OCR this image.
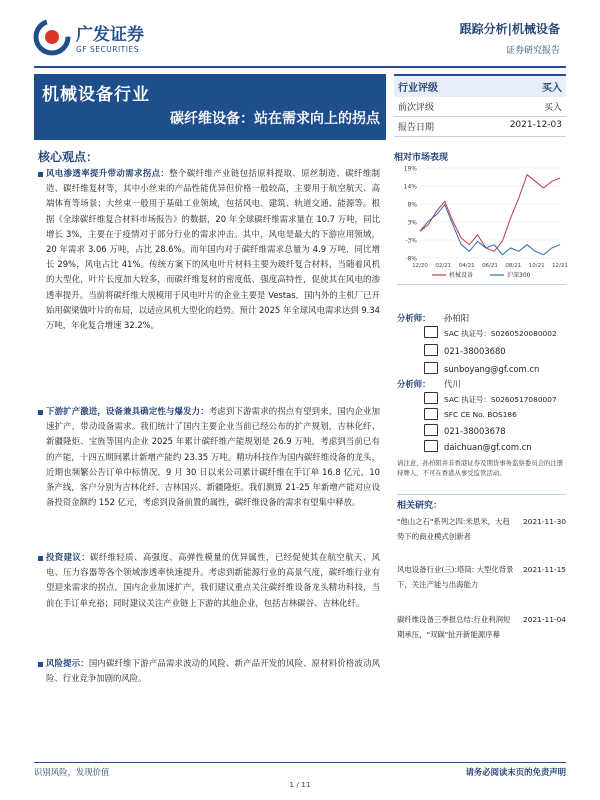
广发证券
GF SECURITIES
跟踪分析|机械设备
证券研究报告
机械设备行业
碳纤维设备：站在需求向上的拐点
行业评级	买入
前次评级	买入
报告日期	2021-12-03
核心观点：
风电渗透率提升带动需求拐点：整个碳纤维产业链包括原料提取、原丝制造、碳纤维制造、碳纤维复材等，其中小丝束的产品性能优异但价格一般较高，主要用于航空航天、高端体育等场景；大丝束一般用于基础工业领域，包括风电、建筑、轨道交通、能源等。根据《全球碳纤维复合材料市场报告》的数据，20 年全球碳纤维需求量在 10.7 万吨，同比增长 3%，主要在于疫情对于部分行业的需求冲击。其中，风电是最大的下游应用领域，20 年需求 3.06 万吨，占比 28.6%。而年国内对于碳纤维需求总量为 4.9 万吨，同比增长 29%，风电占比 41%。传统方案下的风电叶片材料主要为玻纤复合材料，当随着风机的大型化，叶片长度加大较多，而碳纤维复材的密度低、强度高特性，促使其在风电的渗透率提升。当前将碳纤维大规模用于风电叶片的企业主要是 Vestas，国内外的主机厂已开始用碳梁做叶片的布局，以适应风机大型化的趋势。预计 2025 年全球风电需求达到 9.34 万吨，年化复合增速 32.2%。
下游扩产激进，设备兼具确定性与爆发力：考虑到下游需求的拐点有望到来，国内企业加速扩产，带动设备需求。我们统计了国内主要企业当前已经公布的扩产规划，吉林化纤、新疆隆炬、宝旌等国内企业 2025 年累计碳纤维产能规划是 26.9 万吨，考虑到当前已有的产能，十四五期间累计新增产能约 23.35 万吨。精功科技作为国内碳纤维设备的龙头，近期也频繁公告订单中标情况，9 月 30 日以来公司累计碳纤维在手订单 16.8 亿元，10 条产线，客户分别为吉林化纤、吉林国兴、新疆隆炬。我们测算 21-25 年新增产能对应设备投资金额约 152 亿元，考虑到设备前置的属性，碳纤维设备的需求有望集中释放。
投资建议：碳纤维轻质、高强度、高弹性模量的优异属性，已经促使其在航空航天、风电、压力容器等各个领域渗透率快速提升。考虑到新能源行业的高景气度，碳纤维行业有望迎来需求的拐点，国内企业加速扩产，我们建议重点关注碳纤维设备龙头精功科技，当前在手订单充裕；同时建议关注产业链上下游的其他企业，包括吉林碳谷、吉林化纤。
风险提示：国内碳纤维下游产品需求波动的风险、新产品开发的风险、原材料价格波动风险、行业竞争加剧的风险。
相对市场表现
19%
14%
8%
3%
-3%
-8%
12/20 02/21 04/21 06/21 08/21 10/21 12/21
机械设备	沪深300
分析师： 孙柏阳
SAC 执证号：S0260520080002
021-38003680
sunboyang@gf.com.cn
分析师： 代川
SAC 执证号：S0260517080007
SFC CE No. BOS186
021-38003678
daichuan@gf.com.cn
请注意，孙柏阳并非香港证券及期货事务监察委员会的注册持牌人，不可在香港从事受监管活动。
相关研究：
"他山之石"系列之四:米思米，大趋势下的商业模式创新者
2021-11-30
风电设备行业(三):塔筒: 大型化背景下，关注产能与出海能力
2021-11-15
碳纤维设备三季报总结:行业利润短期承压，"双碳"扯开新能源序幕
2021-11-04
识别风险，发现价值	请务必阅读末页的免责声明
1 / 11
